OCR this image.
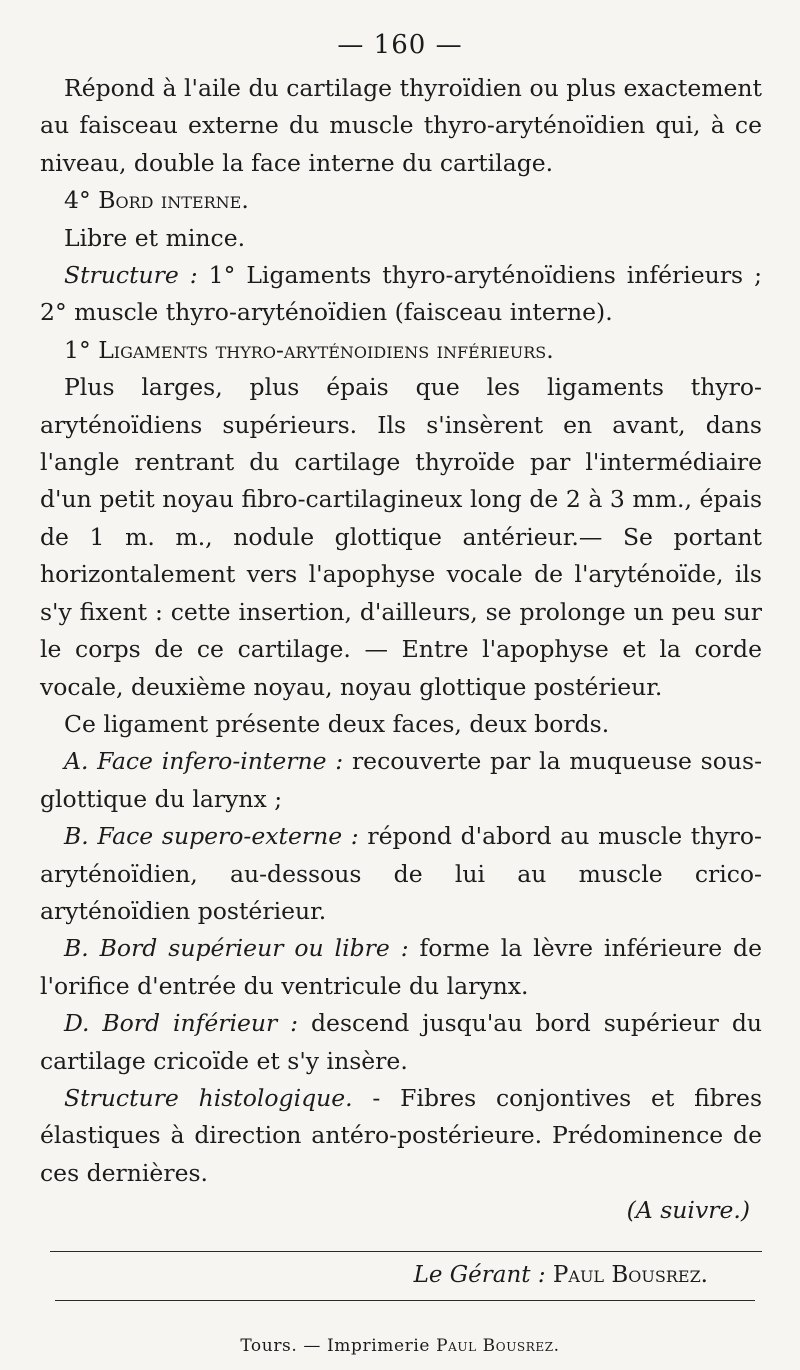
— 160 —

Répond à l'aile du cartilage thyroïdien ou plus exactement au faisceau externe du muscle thyro-aryténoïdien qui, à ce niveau, double la face interne du cartilage.

4° Bord interne.

Libre et mince.

Structure : 1° Ligaments thyro-aryténoïdiens inférieurs ; 2° muscle thyro-aryténoïdien (faisceau interne).

1° Ligaments thyro-aryténoidiens inférieurs.

Plus larges, plus épais que les ligaments thyro-aryténoïdiens supérieurs. Ils s'insèrent en avant, dans l'angle rentrant du cartilage thyroïde par l'intermédiaire d'un petit noyau fibro-cartilagineux long de 2 à 3 mm., épais de 1 m. m., nodule glottique antérieur.— Se portant horizontalement vers l'apophyse vocale de l'aryténoïde, ils s'y fixent : cette insertion, d'ailleurs, se prolonge un peu sur le corps de ce cartilage. — Entre l'apophyse et la corde vocale, deuxième noyau, noyau glottique postérieur.

Ce ligament présente deux faces, deux bords.

A. Face infero-interne : recouverte par la muqueuse sous-glottique du larynx ;

B. Face supero-externe : répond d'abord au muscle thyro-aryténoïdien, au-dessous de lui au muscle crico-aryténoïdien postérieur.

B. Bord supérieur ou libre : forme la lèvre inférieure de l'orifice d'entrée du ventricule du larynx.

D. Bord inférieur : descend jusqu'au bord supérieur du cartilage cricoïde et s'y insère.

Structure histologique. - Fibres conjontives et fibres élastiques à direction antéro-postérieure. Prédominence de ces dernières.

(A suivre.)

Le Gérant : Paul Bousrez.
Tours. — Imprimerie Paul Bousrez.
